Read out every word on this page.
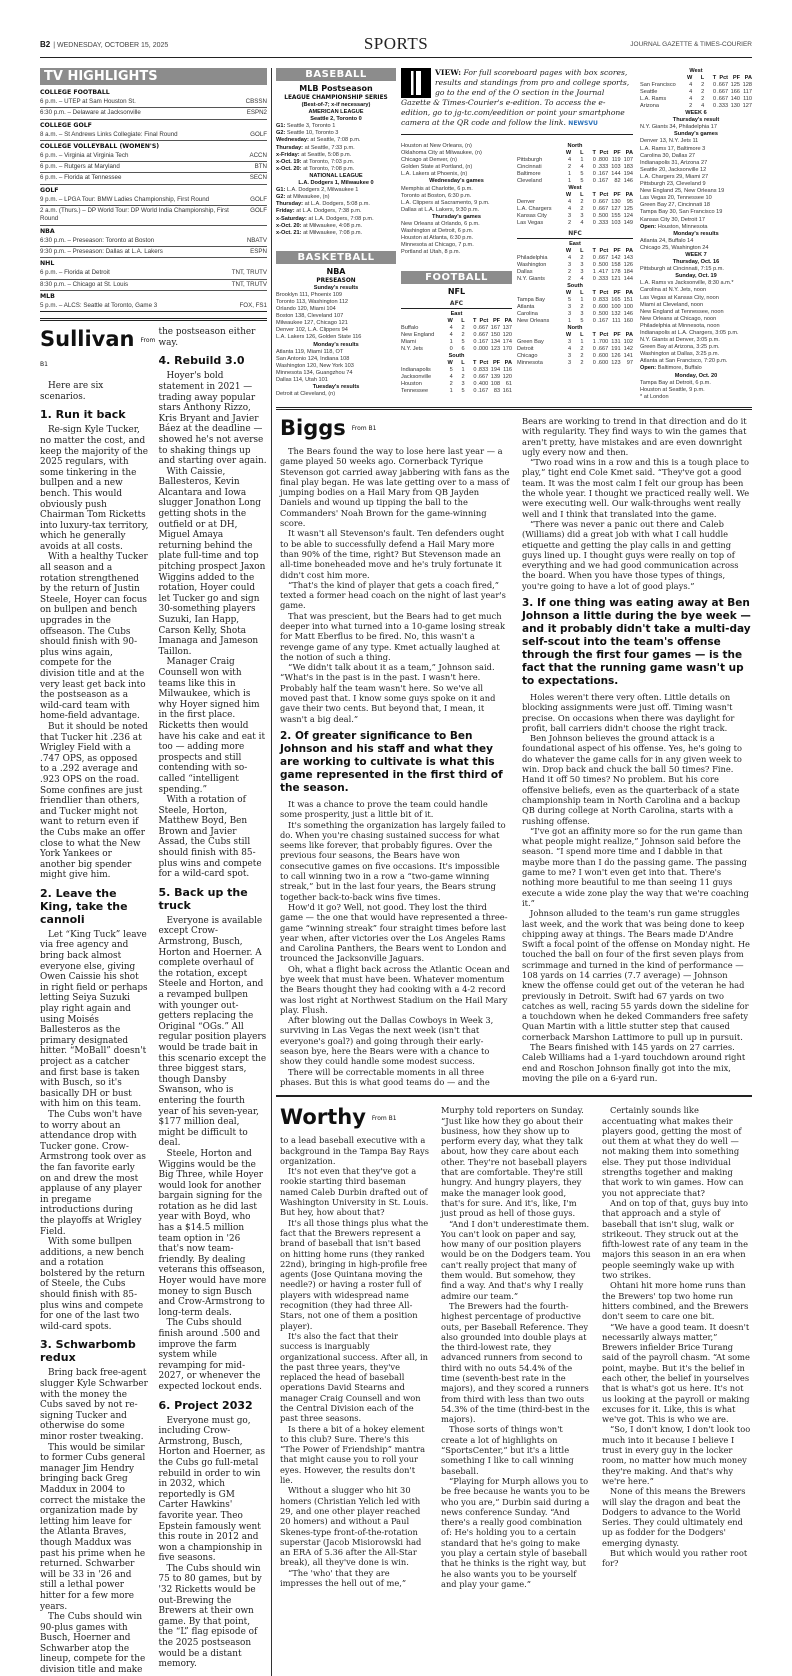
B2 | WEDNESDAY, OCTOBER 15, 2025	SPORTS	JOURNAL GAZETTE & TIMES-COURIER
TV HIGHLIGHTS
COLLEGE FOOTBALL
6 p.m. – UTEP at Sam Houston St.	CBSSN
6:30 p.m. – Delaware at Jacksonville	ESPN2
COLLEGE GOLF
8 a.m. – St Andrews Links Collegiate: Final Round	GOLF
COLLEGE VOLLEYBALL (WOMEN'S)
6 p.m. – Virginia at Virginia Tech	ACCN
6 p.m. – Rutgers at Maryland	BTN
6 p.m. – Florida at Tennessee	SECN
GOLF
9 p.m. – LPGA Tour: BMW Ladies Championship, First Round	GOLF
2 a.m. (Thurs.) – DP World Tour: DP World India Championship, First Round
GOLF
NBA
6:30 p.m. – Preseason: Toronto at Boston	NBATV
9:30 p.m. – Preseason: Dallas at L.A. Lakers	ESPN
NHL
6 p.m. – Florida at Detroit	TNT, TRUTV
8:30 p.m. – Chicago at St. Louis	TNT, TRUTV
MLB
5 p.m. – ALCS: Seattle at Toronto, Game 3	FOX, FS1
Sullivan From B1

Here are six scenarios.

1. Run it back

Re-sign Kyle Tucker, no matter the cost, and keep the majority of the 2025 regulars, with some tinkering in the bullpen and a new bench. This would obviously push Chairman Tom Ricketts into luxury-tax territory, which he generally avoids at all costs.

With a healthy Tucker all season and a rotation strengthened by the return of Justin Steele, Hoyer can focus on bullpen and bench upgrades in the offseason. The Cubs should finish with 90-plus wins again, compete for the division title and at the very least get back into the postseason as a wild-card team with home-field advantage.

But it should be noted that Tucker hit .236 at Wrigley Field with a .747 OPS, as opposed to a .292 average and .923 OPS on the road. Some confines are just friendlier than others, and Tucker might not want to return even if the Cubs make an offer close to what the New York Yankees or another big spender might give him.

2. Leave the King, take the cannoli

Let “King Tuck” leave via free agency and bring back almost everyone else, giving Owen Caissie his shot in right field or perhaps letting Seiya Suzuki play right again and using Moisés Ballesteros as the primary designated hitter. “MoBall” doesn't project as a catcher and first base is taken with Busch, so it's basically DH or bust with him on this team.

The Cubs won't have to worry about an attendance drop with Tucker gone. Crow-Armstrong took over as the fan favorite early on and drew the most applause of any player in pregame introductions during the playoffs at Wrigley Field.

With some bullpen additions, a new bench and a rotation bolstered by the return of Steele, the Cubs should finish with 85-plus wins and compete for one of the last two wild-card spots.

3. Schwarbomb redux

Bring back free-agent slugger Kyle Schwarber with the money the Cubs saved by not re-signing Tucker and otherwise do some minor roster tweaking.

This would be similar to former Cubs general manager Jim Hendry bringing back Greg Maddux in 2004 to correct the mistake the organization made by letting him leave for the Atlanta Braves, though Maddux was past his prime when he returned. Schwarber will be 33 in '26 and still a lethal power hitter for a few more years.

The Cubs should win 90-plus games with Busch, Hoerner and Schwarber atop the lineup, compete for the division title and make the postseason either way.

4. Rebuild 3.0

Hoyer's bold statement in 2021 — trading away popular stars Anthony Rizzo, Kris Bryant and Javier Báez at the deadline — showed he's not averse to shaking things up and starting over again.

With Caissie, Ballesteros, Kevin Alcantara and Iowa slugger Jonathon Long getting shots in the outfield or at DH, Miguel Amaya returning behind the plate full-time and top pitching prospect Jaxon Wiggins added to the rotation, Hoyer could let Tucker go and sign 30-something players Suzuki, Ian Happ, Carson Kelly, Shota Imanaga and Jameson Taillon.

Manager Craig Counsell won with teams like this in Milwaukee, which is why Hoyer signed him in the first place. Ricketts then would have his cake and eat it too — adding more prospects and still contending with so-called “intelligent spending.”

With a rotation of Steele, Horton, Matthew Boyd, Ben Brown and Javier Assad, the Cubs still should finish with 85-plus wins and compete for a wild-card spot.

5. Back up the truck

Everyone is available except Crow-Armstrong, Busch, Horton and Hoerner. A complete overhaul of the rotation, except Steele and Horton, and a revamped bullpen with younger out-getters replacing the Original “OGs.” All regular position players would be trade bait in this scenario except the three biggest stars, though Dansby Swanson, who is entering the fourth year of his seven-year, $177 million deal, might be difficult to deal.

Steele, Horton and Wiggins would be the Big Three, while Hoyer would look for another bargain signing for the rotation as he did last year with Boyd, who has a $14.5 million team option in '26 that's now team-friendly. By dealing veterans this offseason, Hoyer would have more money to sign Busch and Crow-Armstrong to long-term deals.

The Cubs should finish around .500 and improve the farm system while revamping for mid-2027, or whenever the expected lockout ends.

6. Project 2032

Everyone must go, including Crow-Armstrong, Busch, Horton and Hoerner, as the Cubs go full-metal rebuild in order to win in 2032, which reportedly is GM Carter Hawkins' favorite year. Theo Epstein famously went this route in 2012 and won a championship in five seasons.

The Cubs should win 75 to 80 games, but by '32 Ricketts would be out-Brewing the Brewers at their own game. By that point, the “L” flag episode of the 2025 postseason would be a distant memory.

BASEBALL
MLB Postseason
LEAGUE CHAMPIONSHIP SERIES
(Best-of-7; x-if necessary)
AMERICAN LEAGUE
Seattle 2, Toronto 0
G1: Seattle 3, Toronto 1
G2: Seattle 10, Toronto 3
Wednesday: at Seattle, 7:08 p.m.
Thursday: at Seattle, 7:33 p.m.
x-Friday: at Seattle, 5:08 p.m.
x-Oct. 19: at Toronto, 7:03 p.m.
x-Oct. 20: at Toronto, 7:08 p.m.
NATIONAL LEAGUE
L.A. Dodgers 1, Milwaukee 0
G1: L.A. Dodgers 2, Milwaukee 1
G2: at Milwaukee, (n)
Thursday: at L.A. Dodgers, 5:08 p.m.
Friday: at L.A. Dodgers, 7:38 p.m.
x-Saturday: at L.A. Dodgers, 7:08 p.m.
x-Oct. 20: at Milwaukee, 4:08 p.m.
x-Oct. 21: at Milwaukee, 7:08 p.m.
BASKETBALL
NBA
PRESEASON
Sunday's results
Brooklyn 111, Phoenix 109
Toronto 113, Washington 112
Orlando 120, Miami 104
Boston 138, Cleveland 107
Milwaukee 127, Chicago 121
Denver 102, L.A. Clippers 94
L.A. Lakers 126, Golden State 116
Monday's results
Atlanta 119, Miami 118, OT
San Antonio 124, Indiana 108
Washington 120, New York 103
Minnesota 134, Guangzhou 74
Dallas 114, Utah 101
Tuesday's results
Detroit at Cleveland, (n)
VIEW: For full scoreboard pages with box scores, results and standings from pro and college sports, go to the end of the O section in the Journal Gazette & Times-Courier's e-edition. To access the e-edition, go to jg-tc.com/eedition or point your smartphone camera at the QR code and follow the link. NEWSVU
Houston at New Orleans, (n)
Oklahoma City at Milwaukee, (n)
Chicago at Denver, (n)
Golden State at Portland, (n)
L.A. Lakers at Phoenix, (n)
Wednesday's games
Memphis at Charlotte, 6 p.m.
Toronto at Boston, 6:30 p.m.
L.A. Clippers at Sacramento, 9 p.m.
Dallas at L.A. Lakers, 9:30 p.m.
Thursday's games
New Orleans at Orlando, 6 p.m.
Washington at Detroit, 6 p.m.
Houston at Atlanta, 6:30 p.m.
Minnesota at Chicago, 7 p.m.
Portland at Utah, 8 p.m.
FOOTBALL
NFL
AFC
East
	W	L	T	Pct	PF	PA
Buffalo	4	2	0	.667	167	137
New England	4	2	0	.667	150	120
Miami	1	5	0	.167	134	174
N.Y. Jets	0	6	0	.000	123	170
South
	W	L	T	Pct	PF	PA
Indianapolis	5	1	0	.833	194	116
Jacksonville	4	2	0	.667	139	120
Houston	2	3	0	.400	108	61
Tennessee	1	5	0	.167	83	161
North
	W	L	T	Pct	PF	PA
Pittsburgh	4	1	0	.800	119	107
Cincinnati	2	4	0	.333	103	183
Baltimore	1	5	0	.167	144	194
Cleveland	1	5	0	.167	82	146
West
	W	L	T	Pct	PF	PA
Denver	4	2	0	.667	130	95
L.A. Chargers	4	2	0	.667	127	125
Kansas City	3	3	0	.500	155	124
Las Vegas	2	4	0	.333	103	149
NFC
East
	W	L	T	Pct	PF	PA
Philadelphia	4	2	0	.667	142	143
Washington	3	3	0	.500	158	126
Dallas	2	3	1	.417	178	184
N.Y. Giants	2	4	0	.333	121	144
South
	W	L	T	Pct	PF	PA
Tampa Bay	5	1	0	.833	165	151
Atlanta	3	2	0	.600	100	100
Carolina	3	3	0	.500	132	146
New Orleans	1	5	0	.167	111	160
North
	W	L	T	Pct	PF	PA
Green Bay	3	1	1	.700	131	102
Detroit	4	2	0	.667	191	142
Chicago	3	2	0	.600	126	141
Minnesota	3	2	0	.600	123	97
West
	W	L	T	Pct	PF	PA
San Francisco	4	2	0	.667	125	128
Seattle	4	2	0	.667	166	117
L.A. Rams	4	2	0	.667	140	110
Arizona	2	4	0	.333	130	127
WEEK 6
Thursday's result
N.Y. Giants 34, Philadelphia 17
Sunday's games
Denver 13, N.Y. Jets 11
L.A. Rams 17, Baltimore 3
Carolina 30, Dallas 27
Indianapolis 31, Arizona 27
Seattle 20, Jacksonville 12
L.A. Chargers 29, Miami 27
Pittsburgh 23, Cleveland 9
New England 25, New Orleans 19
Las Vegas 20, Tennessee 10
Green Bay 27, Cincinnati 18
Tampa Bay 30, San Francisco 19
Kansas City 30, Detroit 17
Open: Houston, Minnesota
Monday's results
Atlanta 24, Buffalo 14
Chicago 25, Washington 24
WEEK 7
Thursday, Oct. 16
Pittsburgh at Cincinnati, 7:15 p.m.
Sunday, Oct. 19
L.A. Rams vs Jacksonville, 8:30 a.m.*
Carolina at N.Y. Jets, noon
Las Vegas at Kansas City, noon
Miami at Cleveland, noon
New England at Tennessee, noon
New Orleans at Chicago, noon
Philadelphia at Minnesota, noon
Indianapolis at L.A. Chargers, 3:05 p.m.
N.Y. Giants at Denver, 3:05 p.m.
Green Bay at Arizona, 3:25 p.m.
Washington at Dallas, 3:25 p.m.
Atlanta at San Francisco, 7:20 p.m.
Open: Baltimore, Buffalo
Monday, Oct. 20
Tampa Bay at Detroit, 6 p.m.
Houston at Seattle, 9 p.m.
* at London
Biggs From B1

The Bears found the way to lose here last year — a game played 50 weeks ago. Cornerback Tyrique Stevenson got carried away jabbering with fans as the final play began. He was late getting over to a mass of jumping bodies on a Hail Mary from QB Jayden Daniels and wound up tipping the ball to the Commanders' Noah Brown for the game-winning score.

It wasn't all Stevenson's fault. Ten defenders ought to be able to successfully defend a Hail Mary more than 90% of the time, right? But Stevenson made an all-time boneheaded move and he's truly fortunate it didn't cost him more.

“That's the kind of player that gets a coach fired,” texted a former head coach on the night of last year's game.

That was prescient, but the Bears had to get much deeper into what turned into a 10-game losing streak for Matt Eberflus to be fired. No, this wasn't a revenge game of any type. Kmet actually laughed at the notion of such a thing.

“We didn't talk about it as a team,” Johnson said. “What's in the past is in the past. I wasn't here. Probably half the team wasn't here. So we've all moved past that. I know some guys spoke on it and gave their two cents. But beyond that, I mean, it wasn't a big deal.”

2. Of greater significance to Ben Johnson and his staff and what they are working to cultivate is what this game represented in the first third of the season.

It was a chance to prove the team could handle some prosperity, just a little bit of it.

It's something the organization has largely failed to do. When you're chasing sustained success for what seems like forever, that probably figures. Over the previous four seasons, the Bears have won consecutive games on five occasions. It's impossible to call winning two in a row a “two-game winning streak,” but in the last four years, the Bears strung together back-to-back wins five times.

How'd it go? Well, not good. They lost the third game — the one that would have represented a three-game “winning streak” four straight times before last year when, after victories over the Los Angeles Rams and Carolina Panthers, the Bears went to London and trounced the Jacksonville Jaguars.

Oh, what a flight back across the Atlantic Ocean and bye week that must have been. Whatever momentum the Bears thought they had cooking with a 4-2 record was lost right at Northwest Stadium on the Hail Mary play. Flush.

After blowing out the Dallas Cowboys in Week 3, surviving in Las Vegas the next week (isn't that everyone's goal?) and going through their early-season bye, here the Bears were with a chance to show they could handle some modest success.

There will be correctable moments in all three phases. But this is what good teams do — and the Bears are working to trend in that direction and do it with regularity. They find ways to win the games that aren't pretty, have mistakes and are even downright ugly every now and then.

“Two road wins in a row and this is a tough place to play,” tight end Cole Kmet said. “They've got a good team. It was the most calm I felt our group has been the whole year. I thought we practiced really well. We were executing well. Our walk-throughs went really well and I think that translated into the game.

“There was never a panic out there and Caleb (Williams) did a great job with what I call huddle etiquette and getting the play calls in and getting guys lined up. I thought guys were really on top of everything and we had good communication across the board. When you have those types of things, you're going to have a lot of good plays.”

3. If one thing was eating away at Ben Johnson a little during the bye week — and it probably didn't take a multi-day self-scout into the team's offense through the first four games — is the fact that the running game wasn't up to expectations.

Holes weren't there very often. Little details on blocking assignments were just off. Timing wasn't precise. On occasions when there was daylight for profit, ball carriers didn't choose the right track.

Ben Johnson believes the ground attack is a foundational aspect of his offense. Yes, he's going to do whatever the game calls for in any given week to win. Drop back and chuck the ball 50 times? Fine. Hand it off 50 times? No problem. But his core offensive beliefs, even as the quarterback of a state championship team in North Carolina and a backup QB during college at North Carolina, starts with a rushing offense.

“I've got an affinity more so for the run game than what people might realize,” Johnson said before the season. “I spend more time and I dabble in that maybe more than I do the passing game. The passing game to me? I won't even get into that. There's nothing more beautiful to me than seeing 11 guys execute a wide zone play the way that we're coaching it.”

Johnson alluded to the team's run game struggles last week, and the work that was being done to keep chipping away at things. The Bears made D'Andre Swift a focal point of the offense on Monday night. He touched the ball on four of the first seven plays from scrimmage and turned in the kind of performance — 108 yards on 14 carries (7.7 average) — Johnson knew the offense could get out of the veteran he had previously in Detroit. Swift had 67 yards on two catches as well, racing 55 yards down the sideline for a touchdown when he deked Commanders free safety Quan Martin with a little stutter step that caused cornerback Marshon Lattimore to pull up in pursuit.

The Bears finished with 145 yards on 27 carries. Caleb Williams had a 1-yard touchdown around right end and Roschon Johnson finally got into the mix, moving the pile on a 6-yard run.

Worthy From B1

to a lead baseball executive with a background in the Tampa Bay Rays organization.

It's not even that they've got a rookie starting third baseman named Caleb Durbin drafted out of Washington University in St. Louis. But hey, how about that?

It's all those things plus what the fact that the Brewers represent a brand of baseball that isn't based on hitting home runs (they ranked 22nd), bringing in high-profile free agents (Jose Quintana moving the needle?) or having a roster full of players with widespread name recognition (they had three All-Stars, not one of them a position player).

It's also the fact that their success is inarguably organizational success. After all, in the past three years, they've replaced the head of baseball operations David Stearns and manager Craig Counsell and won the Central Division each of the past three seasons.

Is there a bit of a hokey element to this club? Sure. There's this “The Power of Friendship” mantra that might cause you to roll your eyes. However, the results don't lie.

Without a slugger who hit 30 homers (Christian Yelich led with 29, and one other player reached 20 homers) and without a Paul Skenes-type front-of-the-rotation superstar (Jacob Misiorowski had an ERA of 5.36 after the All-Star break), all they've done is win.

“The 'who' that they are impresses the hell out of me,” Murphy told reporters on Sunday. “Just like how they go about their business, how they show up to perform every day, what they talk about, how they care about each other. They're not baseball players that are comfortable. They're still hungry. And hungry players, they make the manager look good, that's for sure. And it's, like, I'm just proud as hell of those guys.

“And I don't underestimate them. You can't look on paper and say, how many of our position players would be on the Dodgers team. You can't really project that many of them would. But somehow, they find a way. And that's why I really admire our team.”

The Brewers had the fourth-highest percentage of productive outs, per Baseball Reference. They also grounded into double plays at the third-lowest rate, they advanced runners from second to third with no outs 54.4% of the time (seventh-best rate in the majors), and they scored a runners from third with less than two outs 54.3% of the time (third-best in the majors).

Those sorts of things won't create a lot of highlights on “SportsCenter,” but it's a little something I like to call winning baseball.

“Playing for Murph allows you to be free because he wants you to be who you are,” Durbin said during a news conference Sunday. “And there's a really good combination of: He's holding you to a certain standard that he's going to make you play a certain style of baseball that he thinks is the right way, but he also wants you to be yourself and play your game.”

Certainly sounds like accentuating what makes their players good, getting the most of out them at what they do well — not making them into something else. They put those individual strengths together and making that work to win games. How can you not appreciate that?

And on top of that, guys buy into that approach and a style of baseball that isn't slug, walk or strikeout. They struck out at the fifth-lowest rate of any team in the majors this season in an era when people seemingly wake up with two strikes.

Ohtani hit more home runs than the Brewers' top two home run hitters combined, and the Brewers don't seem to care one bit.

“We have a good team. It doesn't necessarily always matter,” Brewers infielder Brice Turang said of the payroll chasm. “At some point, maybe. But it's the belief in each other, the belief in yourselves that is what's got us here. It's not us looking at the payroll or making excuses for it. Like, this is what we've got. This is who we are.

“So, I don't know, I don't look too much into it because I believe I trust in every guy in the locker room, no matter how much money they're making. And that's why we're here.”

None of this means the Brewers will slay the dragon and beat the Dodgers to advance to the World Series. They could ultimately end up as fodder for the Dodgers' emerging dynasty.

But which would you rather root for?
